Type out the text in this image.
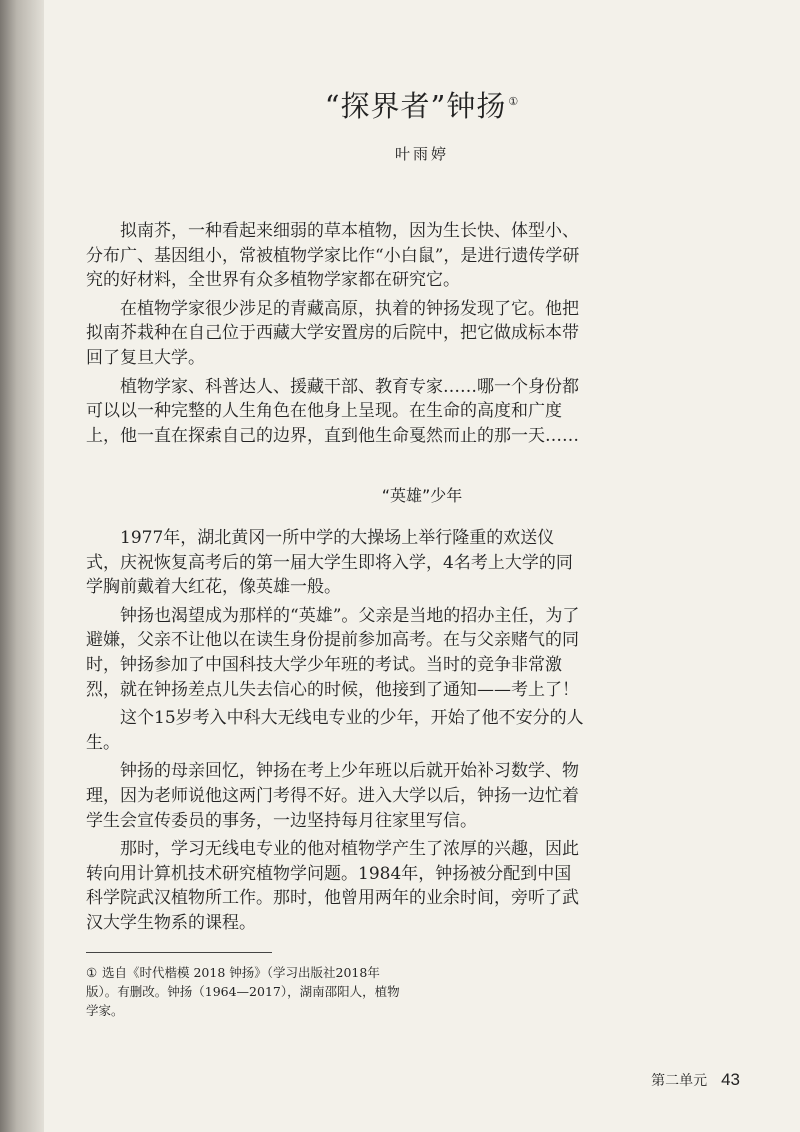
“探界者”钟扬 ①
叶雨婷

拟南芥，一种看起来细弱的草本植物，因为生长快、体型小、分布广、基因组小，常被植物学家比作“小白鼠”，是进行遗传学研究的好材料，全世界有众多植物学家都在研究它。

在植物学家很少涉足的青藏高原，执着的钟扬发现了它。他把拟南芥栽种在自己位于西藏大学安置房的后院中，把它做成标本带回了复旦大学。

植物学家、科普达人、援藏干部、教育专家……哪一个身份都可以以一种完整的人生角色在他身上呈现。在生命的高度和广度上，他一直在探索自己的边界，直到他生命戛然而止的那一天……

“英雄”少年

1977年，湖北黄冈一所中学的大操场上举行隆重的欢送仪式，庆祝恢复高考后的第一届大学生即将入学，4名考上大学的同学胸前戴着大红花，像英雄一般。

钟扬也渴望成为那样的“英雄”。父亲是当地的招办主任，为了避嫌，父亲不让他以在读生身份提前参加高考。在与父亲赌气的同时，钟扬参加了中国科技大学少年班的考试。当时的竞争非常激烈，就在钟扬差点儿失去信心的时候，他接到了通知——考上了！

这个15岁考入中科大无线电专业的少年，开始了他不安分的人生。

钟扬的母亲回忆，钟扬在考上少年班以后就开始补习数学、物理，因为老师说他这两门考得不好。进入大学以后，钟扬一边忙着学生会宣传委员的事务，一边坚持每月往家里写信。

那时，学习无线电专业的他对植物学产生了浓厚的兴趣，因此转向用计算机技术研究植物学问题。1984年，钟扬被分配到中国科学院武汉植物所工作。那时，他曾用两年的业余时间，旁听了武汉大学生物系的课程。

① 选自《时代楷模 2018 钟扬》（学习出版社2018年版）。有删改。钟扬（1964—2017），湖南邵阳人，植物学家。
第二单元 43
